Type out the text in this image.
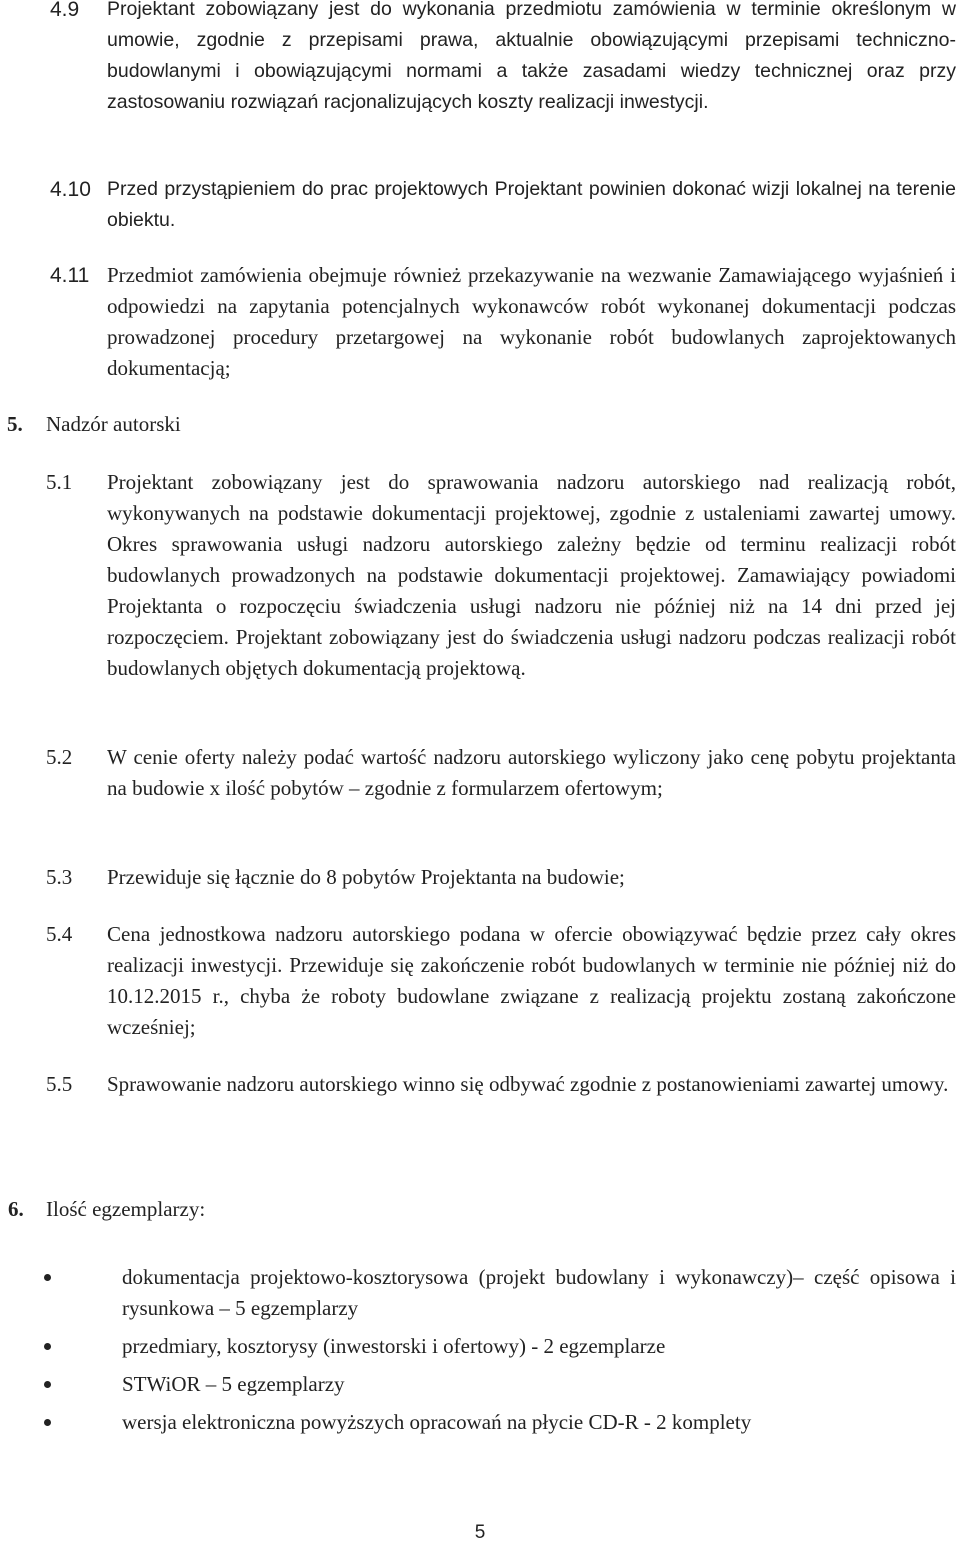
4.9 Projektant zobowiązany jest do wykonania przedmiotu zamówienia w terminie określonym w umowie, zgodnie z przepisami prawa, aktualnie obowiązującymi przepisami techniczno-budowlanymi i obowiązującymi normami a także zasadami wiedzy technicznej oraz przy zastosowaniu rozwiązań racjonalizujących koszty realizacji inwestycji.
4.10 Przed przystąpieniem do prac projektowych Projektant powinien dokonać wizji lokalnej na terenie obiektu.
4.11 Przedmiot zamówienia obejmuje również przekazywanie na wezwanie Zamawiającego wyjaśnień i odpowiedzi na zapytania potencjalnych wykonawców robót wykonanej dokumentacji podczas prowadzonej procedury przetargowej na wykonanie robót budowlanych zaprojektowanych dokumentacją;
5. Nadzór autorski
5.1 Projektant zobowiązany jest do sprawowania nadzoru autorskiego nad realizacją robót, wykonywanych na podstawie dokumentacji projektowej, zgodnie z ustaleniami zawartej umowy. Okres sprawowania usługi nadzoru autorskiego zależny będzie od terminu realizacji robót budowlanych prowadzonych na podstawie dokumentacji projektowej. Zamawiający powiadomi Projektanta o rozpoczęciu świadczenia usługi nadzoru nie później niż na 14 dni przed jej rozpoczęciem. Projektant zobowiązany jest do świadczenia usługi nadzoru podczas realizacji robót budowlanych objętych dokumentacją projektową.
5.2 W cenie oferty należy podać wartość nadzoru autorskiego wyliczony jako cenę pobytu projektanta na budowie x ilość pobytów – zgodnie z formularzem ofertowym;
5.3 Przewiduje się łącznie do 8 pobytów Projektanta na budowie;
5.4 Cena jednostkowa nadzoru autorskiego podana w ofercie obowiązywać będzie przez cały okres realizacji inwestycji. Przewiduje się zakończenie robót budowlanych w terminie nie później niż do 10.12.2015 r., chyba że roboty budowlane związane z realizacją projektu zostaną zakończone wcześniej;
5.5 Sprawowanie nadzoru autorskiego winno się odbywać zgodnie z postanowieniami zawartej umowy.
6. Ilość egzemplarzy:
dokumentacja projektowo-kosztorysowa (projekt budowlany i wykonawczy)– część opisowa i rysunkowa – 5 egzemplarzy
przedmiary, kosztorysy (inwestorski i ofertowy) - 2 egzemplarze
STWiOR – 5 egzemplarzy
wersja elektroniczna powyższych opracowań na płycie CD-R - 2 komplety
5
